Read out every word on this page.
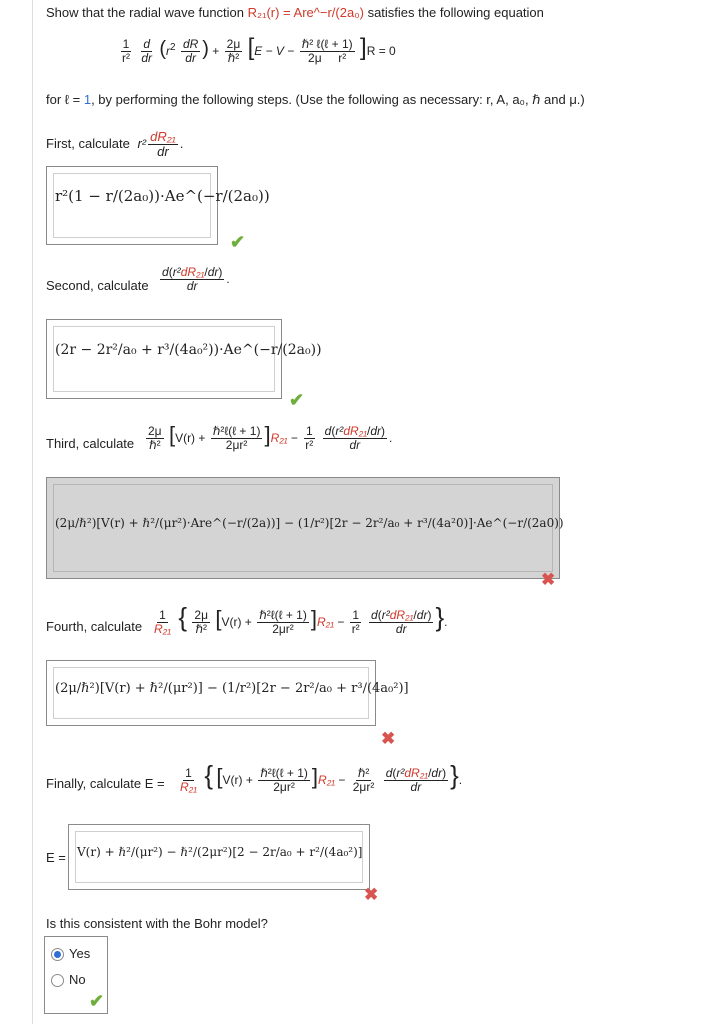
Show that the radial wave function R₂₁(r) = Are^−r/(2a₀) satisfies the following equation
$\frac{1}{\text{r²}}$
$\frac{d}{dr} (r^2 \frac{dR}{dr}$ ) + $\frac{2\mu}{\text{ℏ²}} [E - V - \frac{\text{ℏ² ℓ(ℓ + 1)}}{\text{2μ     r²}} ]R = 0$
for ℓ = 1, by performing the following steps. (Use the following as necessary: r, A, a₀, ℏ and μ.)
First, calculate $r^2 \frac{\text{dR₂₁}}{dr}$ .
r²(1 − r/(2a₀))·Ae^(−r/(2a₀))
✔
Second, calculate $\frac{\text{d(r²dR₂₁/dr)}}{dr}$ .
(2r − 2r²/a₀ + r³/(4a₀²))·Ae^(−r/(2a₀))
✔
Third, calculate $\frac{2\mu}{\text{ℏ²}} [V(r) + \frac{\text{ℏ²ℓ(ℓ + 1)}}{\text{2μr²}} ]R_{21} - \frac{1}{\text{r²}}$
$\frac{\text{d(r²dR₂₁/dr)}}{dr}$ .
(2μ/ℏ²)[V(r) + ℏ²/(μr²)·Are^(−r/(2a))] − (1/r²)[2r − 2r²/a₀ + r³/(4a²0)]·Ae^(−r/(2a0))
✖
Fourth, calculate $\frac{1}{\text{R₂₁}}$ { $\frac{2\mu}{\text{ℏ²}} [V(r) + \frac{\text{ℏ²ℓ(ℓ + 1)}}{\text{2μr²}} ]R_{21} - \frac{1}{\text{r²}}$
$\frac{\text{d(r²dR₂₁/dr)}}{dr}$ }.
(2μ/ℏ²)[V(r) + ℏ²/(μr²)] − (1/r²)[2r − 2r²/a₀ + r³/(4a₀²)]
✖
Finally, calculate $E = \frac{1}{\text{R₂₁}}$ { $[V(r) + \frac{\text{ℏ²ℓ(ℓ + 1)}}{\text{2μr²}} ]R_{21} - \frac{\text{ℏ²}}{\text{2μr²}}$
$\frac{\text{d(r²dR₂₁/dr)}}{dr}$ }.
E = V(r) + ℏ²/(μr²) − ℏ²/(2μr²)[2 − 2r/a₀ + r²/(4a₀²)]
✖
Is this consistent with the Bohr model?
Yes
No
✔
